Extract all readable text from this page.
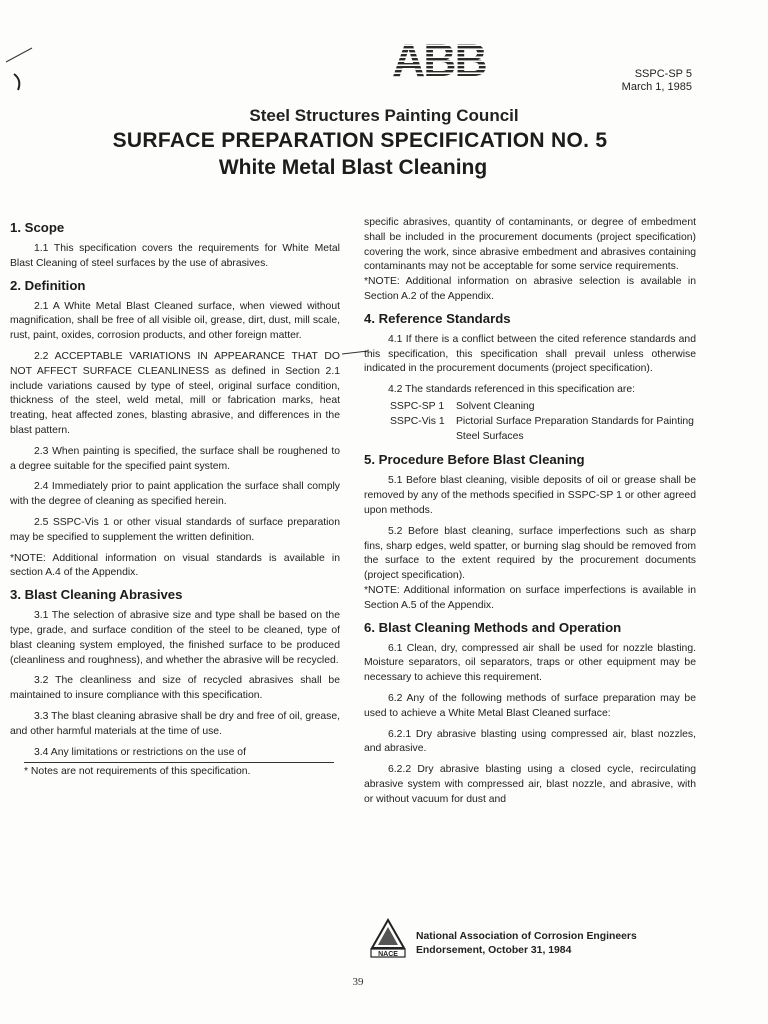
ABB	SSPC-SP 5
March 1, 1985
Steel Structures Painting Council
SURFACE PREPARATION SPECIFICATION NO. 5
White Metal Blast Cleaning
1. Scope

1.1 This specification covers the requirements for White Metal Blast Cleaning of steel surfaces by the use of abrasives.

2. Definition

2.1 A White Metal Blast Cleaned surface, when viewed without magnification, shall be free of all visible oil, grease, dirt, dust, mill scale, rust, paint, oxides, corrosion products, and other foreign matter.

2.2 ACCEPTABLE VARIATIONS IN APPEARANCE THAT DO NOT AFFECT SURFACE CLEANLINESS as defined in Section 2.1 include variations caused by type of steel, original surface condition, thickness of the steel, weld metal, mill or fabrication marks, heat treating, heat affected zones, blasting abrasive, and differences in the blast pattern.

2.3 When painting is specified, the surface shall be roughened to a degree suitable for the specified paint system.

2.4 Immediately prior to paint application the surface shall comply with the degree of cleaning as specified herein.

2.5 SSPC-Vis 1 or other visual standards of surface preparation may be specified to supplement the written definition.

*NOTE: Additional information on visual standards is available in section A.4 of the Appendix.

3. Blast Cleaning Abrasives

3.1 The selection of abrasive size and type shall be based on the type, grade, and surface condition of the steel to be cleaned, type of blast cleaning system employed, the finished surface to be produced (cleanliness and roughness), and whether the abrasive will be recycled.

3.2 The cleanliness and size of recycled abrasives shall be maintained to insure compliance with this specification.

3.3 The blast cleaning abrasive shall be dry and free of oil, grease, and other harmful materials at the time of use.

3.4 Any limitations or restrictions on the use of

* Notes are not requirements of this specification.

specific abrasives, quantity of contaminants, or degree of embedment shall be included in the procurement documents (project specification) covering the work, since abrasive embedment and abrasives containing contaminants may not be acceptable for some service requirements.

*NOTE: Additional information on abrasive selection is available in Section A.2 of the Appendix.

4. Reference Standards

4.1 If there is a conflict between the cited reference standards and this specification, this specification shall prevail unless otherwise indicated in the procurement documents (project specification).

4.2 The standards referenced in this specification are:

SSPC-SP 1	Solvent Cleaning
SSPC-Vis 1	Pictorial Surface Preparation Standards for Painting Steel Surfaces
5. Procedure Before Blast Cleaning

5.1 Before blast cleaning, visible deposits of oil or grease shall be removed by any of the methods specified in SSPC-SP 1 or other agreed upon methods.

5.2 Before blast cleaning, surface imperfections such as sharp fins, sharp edges, weld spatter, or burning slag should be removed from the surface to the extent required by the procurement documents (project specification).

*NOTE: Additional information on surface imperfections is available in Section A.5 of the Appendix.

6. Blast Cleaning Methods and Operation

6.1 Clean, dry, compressed air shall be used for nozzle blasting. Moisture separators, oil separators, traps or other equipment may be necessary to achieve this requirement.

6.2 Any of the following methods of surface preparation may be used to achieve a White Metal Blast Cleaned surface:

6.2.1 Dry abrasive blasting using compressed air, blast nozzles, and abrasive.

6.2.2 Dry abrasive blasting using a closed cycle, recirculating abrasive system with compressed air, blast nozzle, and abrasive, with or without vacuum for dust and

NACE
National Association of Corrosion Engineers
Endorsement, October 31, 1984
39
